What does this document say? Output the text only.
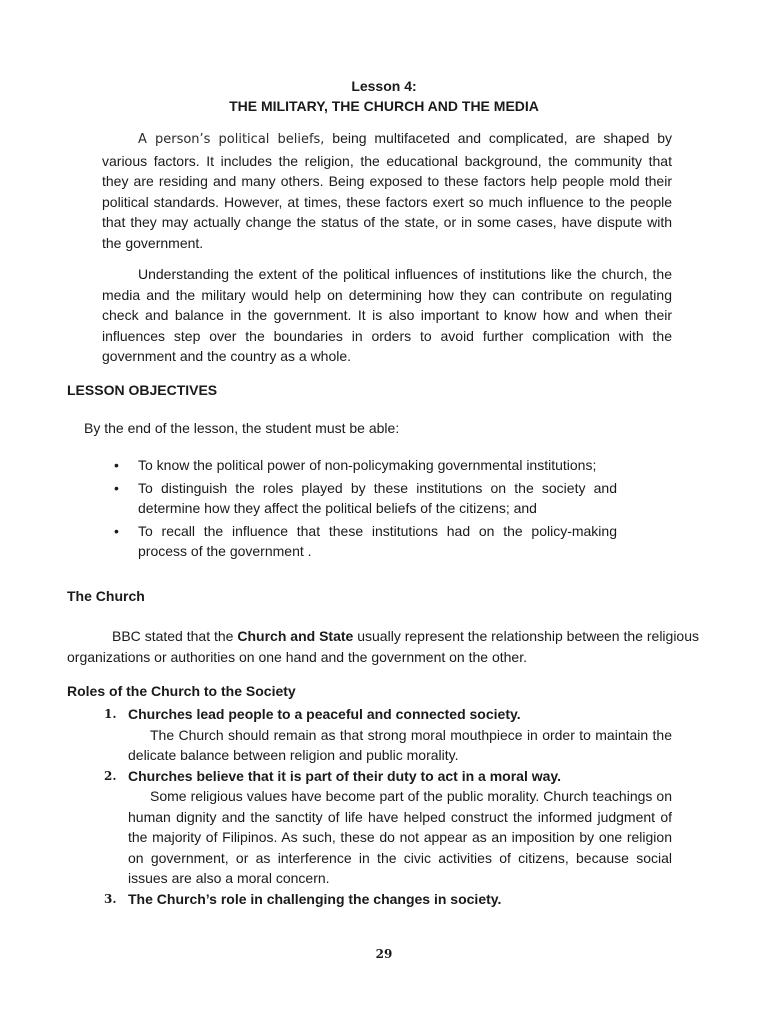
Lesson 4:
THE MILITARY, THE CHURCH AND THE MEDIA

A person’s political beliefs, being multifaceted and complicated, are shaped by various factors. It includes the religion, the educational background, the community that they are residing and many others. Being exposed to these factors help people mold their political standards. However, at times, these factors exert so much influence to the people that they may actually change the status of the state, or in some cases, have dispute with the government.

Understanding the extent of the political influences of institutions like the church, the media and the military would help on determining how they can contribute on regulating check and balance in the government. It is also important to know how and when their influences step over the boundaries in orders to avoid further complication with the government and the country as a whole.

LESSON OBJECTIVES

By the end of the lesson, the student must be able:

• To know the political power of non-policymaking governmental institutions;
• To distinguish the roles played by these institutions on the society and determine how they affect the political beliefs of the citizens; and
• To recall the influence that these institutions had on the policy-making process of the government .

The Church

BBC stated that the Church and State usually represent the relationship between the religious organizations or authorities on one hand and the government on the other.

Roles of the Church to the Society

1. Churches lead people to a peaceful and connected society.
The Church should remain as that strong moral mouthpiece in order to maintain the delicate balance between religion and public morality.
2. Churches believe that it is part of their duty to act in a moral way.
Some religious values have become part of the public morality. Church teachings on human dignity and the sanctity of life have helped construct the informed judgment of the majority of Filipinos. As such, these do not appear as an imposition by one religion on government, or as interference in the civic activities of citizens, because social issues are also a moral concern.
3. The Church’s role in challenging the changes in society.
29
